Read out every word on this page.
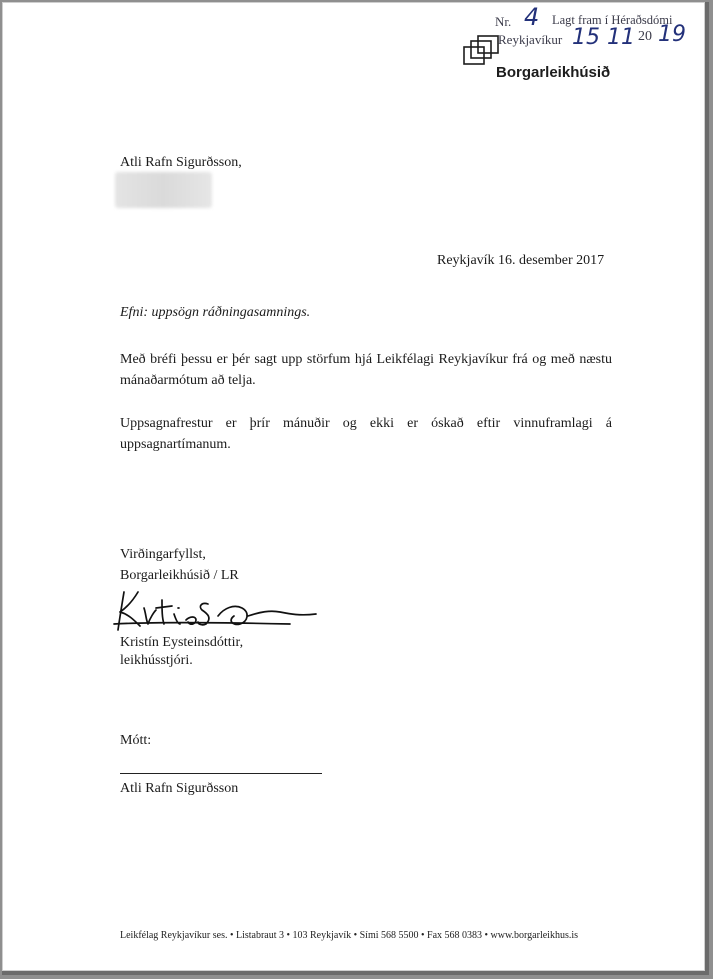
Nr. 4 Lagt fram í Héraðsdómi
Reykjavíkur 15 11 20 19
Borgarleikhúsið
Atli Rafn Sigurðsson,
Reykjavík 16. desember 2017
Efni: uppsögn ráðningasamnings.
Með bréfi þessu er þér sagt upp störfum hjá Leikfélagi Reykjavíkur frá og með næstu mánaðarmótum að telja.
Uppsagnafrestur er þrír mánuðir og ekki er óskað eftir vinnuframlagi á uppsagnartímanum.
Virðingarfyllst,
Borgarleikhúsið / LR
Kristín Eysteinsdóttir,
leikhússtjóri.
Mótt:
Atli Rafn Sigurðsson
Leikfélag Reykjavíkur ses. • Listabraut 3 • 103 Reykjavík • Sími 568 5500 • Fax 568 0383 • www.borgarleikhus.is
